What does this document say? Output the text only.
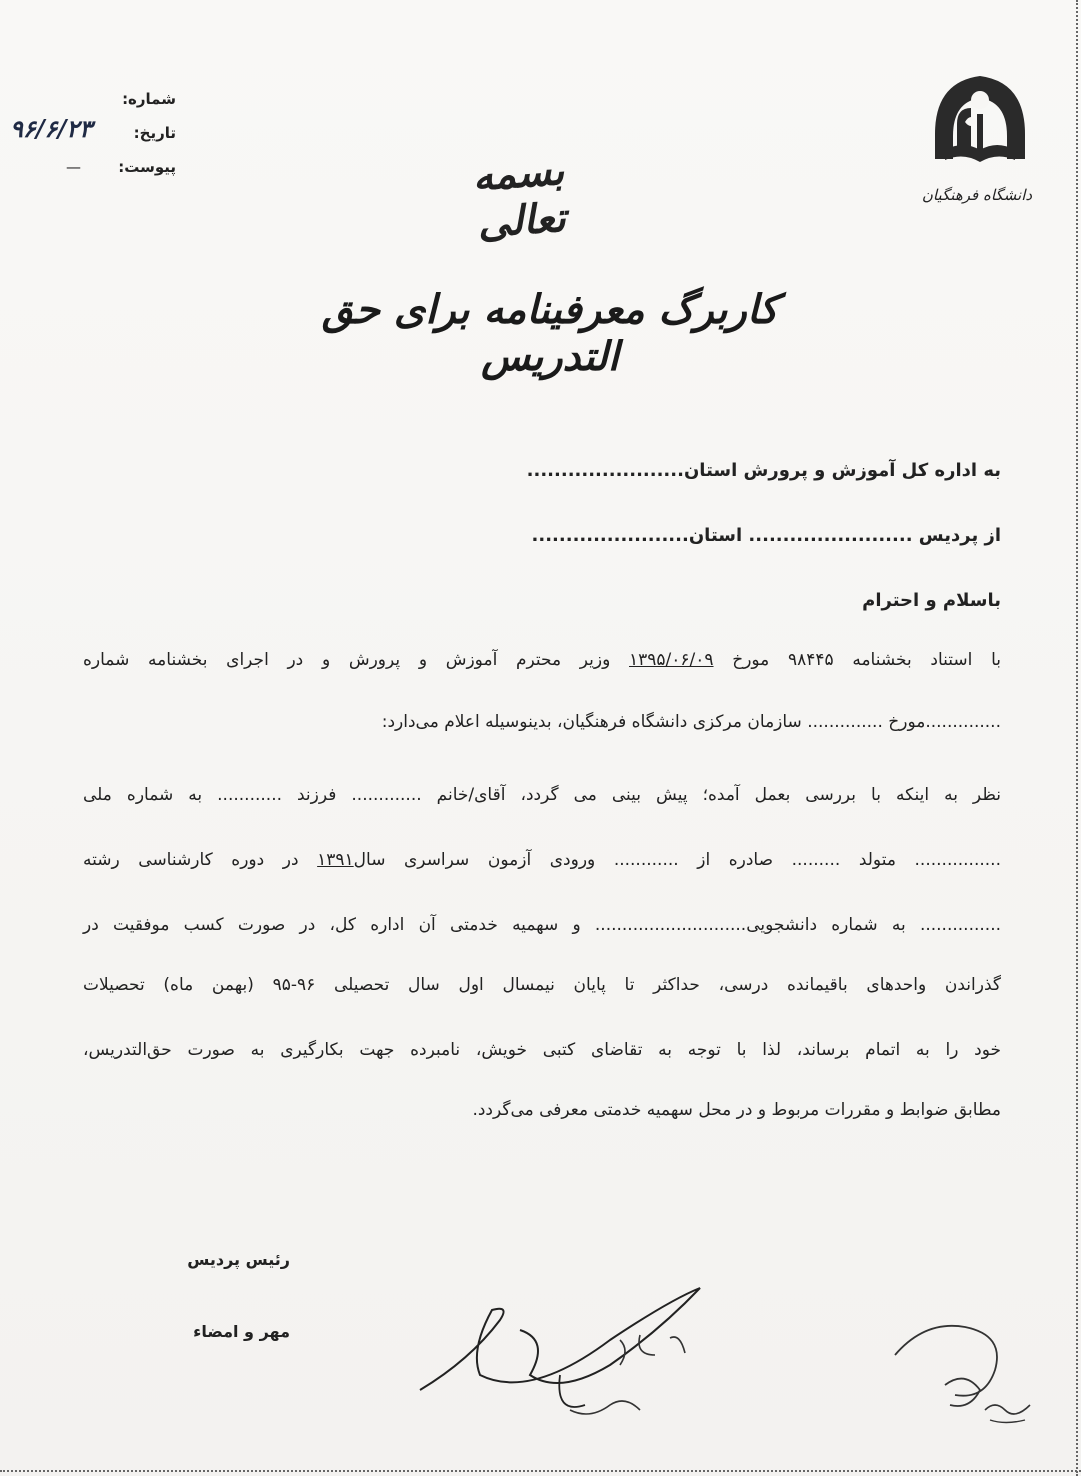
شماره:
تاریخ:
۹۶/۶/۲۳
پیوست:
—
دانشگاه فرهنگیان
بسمه تعالی
کاربرگ معرفینامه برای حق التدریس
به اداره کل آموزش و پرورش استان.......................
از پردیس ........................ استان.......................
باسلام و احترام
با استناد بخشنامه ۹۸۴۴۵ مورخ ۱۳۹۵/۰۶/۰۹ وزیر محترم آموزش و پرورش و در اجرای بخشنامه شماره
..............مورخ .............. سازمان مرکزی دانشگاه فرهنگیان، بدینوسیله اعلام می‌دارد:
نظر به اینکه با بررسی بعمل آمده؛ پیش بینی می گردد، آقای/خانم ............. فرزند ............ به شماره ملی
................ متولد ......... صادره از ............ ورودی آزمون سراسری سال۱۳۹۱ در دوره کارشناسی رشته
............... به شماره دانشجویی............................ و سهمیه خدمتی آن اداره کل، در صورت کسب موفقیت در
گذراندن واحدهای باقیمانده درسی، حداکثر تا پایان نیمسال اول سال تحصیلی ۹۶-۹۵ (بهمن ماه) تحصیلات
خود را به اتمام برساند، لذا با توجه به تقاضای کتبی خویش، نامبرده جهت بکارگیری به صورت حق‌التدریس،
مطابق ضوابط و مقررات مربوط و در محل سهمیه خدمتی معرفی می‌گردد.
رئیس پردیس
مهر و امضاء
